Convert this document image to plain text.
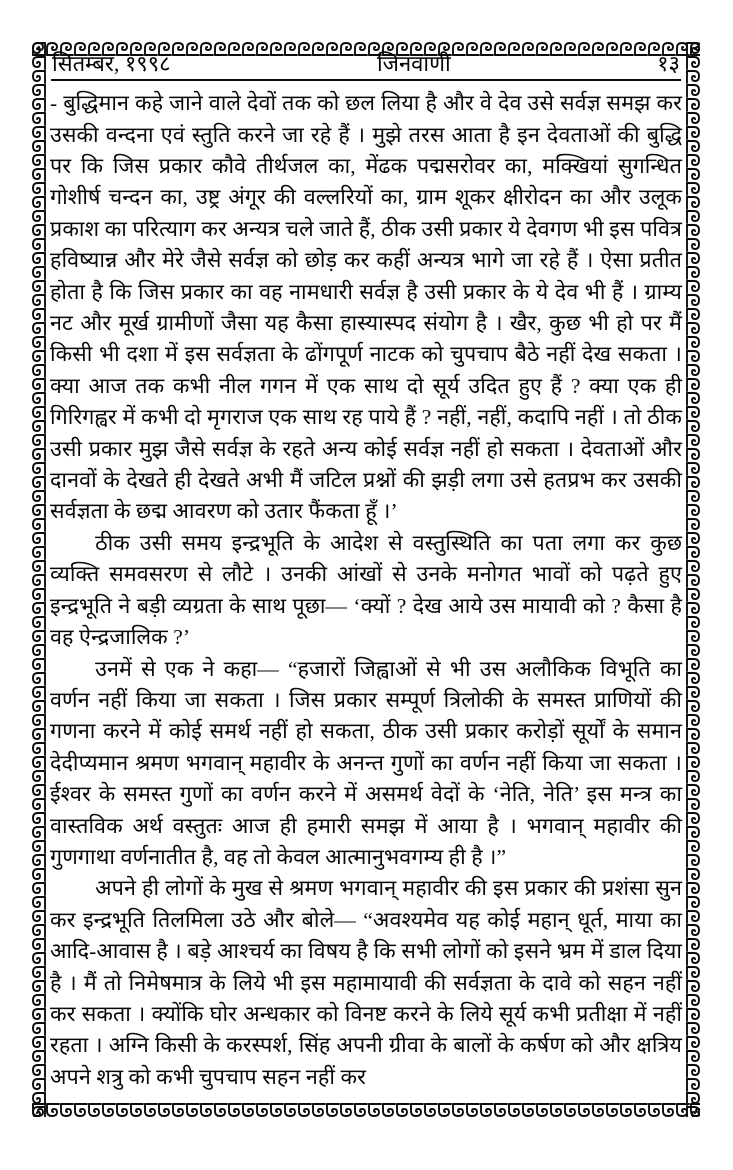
सितम्बर, १९९८	जिनवाणी	१३

- बुद्धिमान कहे जाने वाले देवों तक को छल लिया है और वे देव उसे सर्वज्ञ समझ कर उसकी वन्दना एवं स्तुति करने जा रहे हैं । मुझे तरस आता है इन देवताओं की बुद्धि पर कि जिस प्रकार कौवे तीर्थजल का, मेंढक पद्मसरोवर का, मक्खियां सुगन्धित गोशीर्ष चन्दन का, उष्ट्र अंगूर की वल्लरियों का, ग्राम शूकर क्षीरोदन का और उलूक प्रकाश का परित्याग कर अन्यत्र चले जाते हैं, ठीक उसी प्रकार ये देवगण भी इस पवित्र हविष्यान्न और मेरे जैसे सर्वज्ञ को छोड़ कर कहीं अन्यत्र भागे जा रहे हैं । ऐसा प्रतीत होता है कि जिस प्रकार का वह नामधारी सर्वज्ञ है उसी प्रकार के ये देव भी हैं । ग्राम्य नट और मूर्ख ग्रामीणों जैसा यह कैसा हास्यास्पद संयोग है । खैर, कुछ भी हो पर मैं किसी भी दशा में इस सर्वज्ञता के ढोंगपूर्ण नाटक को चुपचाप बैठे नहीं देख सकता । क्या आज तक कभी नील गगन में एक साथ दो सूर्य उदित हुए हैं ? क्या एक ही गिरिगह्वर में कभी दो मृगराज एक साथ रह पाये हैं ? नहीं, नहीं, कदापि नहीं । तो ठीक उसी प्रकार मुझ जैसे सर्वज्ञ के रहते अन्य कोई सर्वज्ञ नहीं हो सकता । देवताओं और दानवों के देखते ही देखते अभी मैं जटिल प्रश्नों की झड़ी लगा उसे हतप्रभ कर उसकी सर्वज्ञता के छद्म आवरण को उतार फैंकता हूँ ।’

ठीक उसी समय इन्द्रभूति के आदेश से वस्तुस्थिति का पता लगा कर कुछ व्यक्ति समवसरण से लौटे । उनकी आंखों से उनके मनोगत भावों को पढ़ते हुए इन्द्रभूति ने बड़ी व्यग्रता के साथ पूछा— ‘क्यों ? देख आये उस मायावी को ? कैसा है वह ऐन्द्रजालिक ?’

उनमें से एक ने कहा— “हजारों जिह्वाओं से भी उस अलौकिक विभूति का वर्णन नहीं किया जा सकता । जिस प्रकार सम्पूर्ण त्रिलोकी के समस्त प्राणियों की गणना करने में कोई समर्थ नहीं हो सकता, ठीक उसी प्रकार करोड़ों सूर्यों के समान देदीप्यमान श्रमण भगवान् महावीर के अनन्त गुणों का वर्णन नहीं किया जा सकता । ईश्वर के समस्त गुणों का वर्णन करने में असमर्थ वेदों के ‘नेति, नेति’ इस मन्त्र का वास्तविक अर्थ वस्तुतः आज ही हमारी समझ में आया है । भगवान् महावीर की गुणगाथा वर्णनातीत है, वह तो केवल आत्मानुभवगम्य ही है ।”

अपने ही लोगों के मुख से श्रमण भगवान् महावीर की इस प्रकार की प्रशंसा सुन कर इन्द्रभूति तिलमिला उठे और बोले— “अवश्यमेव यह कोई महान् धूर्त, माया का आदि-आवास है । बड़े आश्चर्य का विषय है कि सभी लोगों को इसने भ्रम में डाल दिया है । मैं तो निमेषमात्र के लिये भी इस महामायावी की सर्वज्ञता के दावे को सहन नहीं कर सकता । क्योंकि घोर अन्धकार को विनष्ट करने के लिये सूर्य कभी प्रतीक्षा में नहीं रहता । अग्नि किसी के करस्पर्श, सिंह अपनी ग्रीवा के बालों के कर्षण को और क्षत्रिय अपने शत्रु को कभी चुपचाप सहन नहीं कर
